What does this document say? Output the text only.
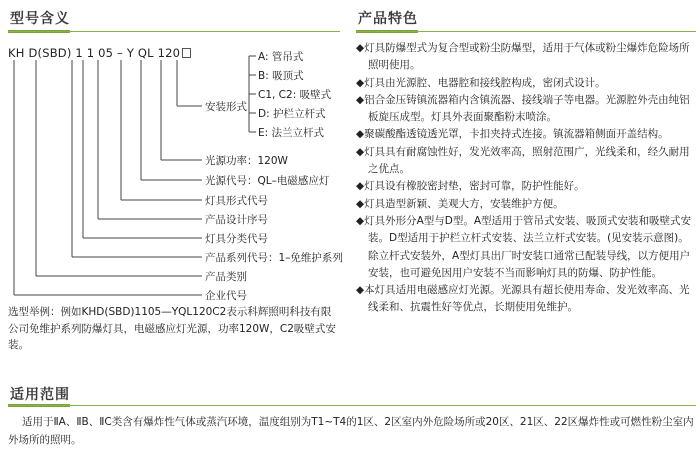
型号含义	产品特色
适用范围
KH D(SBD) 1 1 05 – Y QL 120
安装形式
A: 管吊式
B: 吸顶式
C1, C2: 吸壁式
D: 护栏立杆式
E: 法兰立杆式
光源功率：120W
光源代号：QL–电磁感应灯
灯具形式代号
产品设计序号
灯具分类代号
产品系列代号：1–免维护系列
产品类别
企业代号

选型举例：例如KHD(SBD)1105—YQL120C2表示科辉照明科技有限公司免维护系列防爆灯具，电磁感应灯光源，功率120W，C2吸壁式安装。

◆灯具防爆型式为复合型或粉尘防爆型，适用于气体或粉尘爆炸危险场所照明使用。
◆灯具由光源腔、电器腔和接线腔构成，密闭式设计。
◆铝合金压铸镇流器箱内含镇流器、接线端子等电器。光源腔外壳由纯铝板旋压成型。灯具外表面聚酯粉末喷涂。
◆聚碳酸酯透镜透光罩，卡扣夹持式连接。镇流器箱侧面开盖结构。
◆灯具具有耐腐蚀性好，发光效率高，照射范围广，光线柔和，经久耐用之优点。
◆灯具设有橡胶密封垫，密封可靠，防护性能好。
◆灯具造型新颖、美观大方，安装维护方便。
◆灯具外形分A型与D型。A型适用于管吊式安装、吸顶式安装和吸壁式安装。D型适用于护栏立杆式安装、法兰立杆式安装。(见安装示意图)。除立杆式安装外，A型灯具出厂时安装口通常已配装导线，以方便用户安装，也可避免因用户安装不当而影响灯具的防爆、防护性能。
◆本灯具适用电磁感应灯光源。光源具有超长使用寿命、发光效率高、光线柔和、抗震性好等优点，长期使用免维护。

适用于ⅡA、ⅡB、ⅡC类含有爆炸性气体或蒸汽环境，温度组别为T1~T4的1区、2区室内外危险场所或20区、21区、22区爆炸性或可燃性粉尘室内外场所的照明。
